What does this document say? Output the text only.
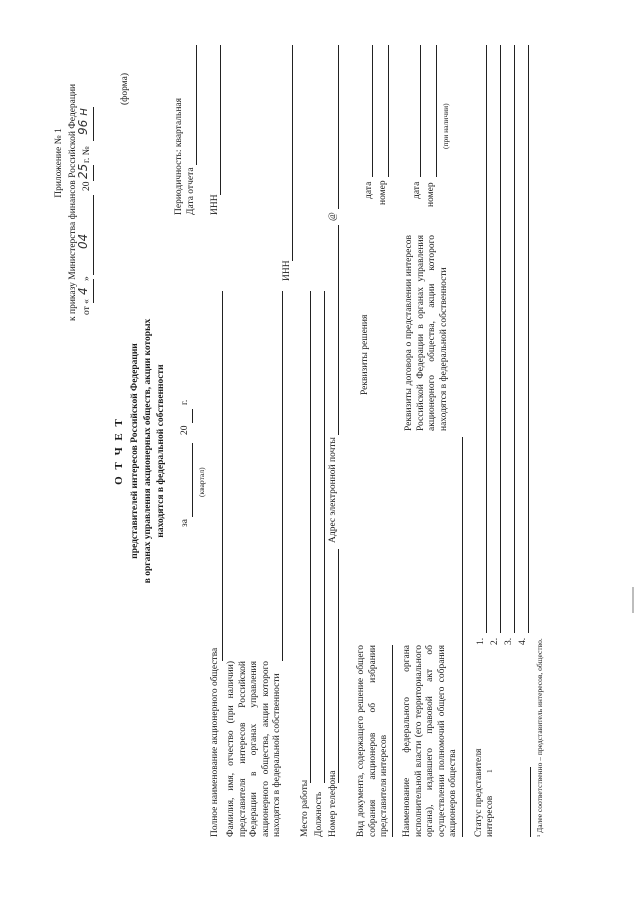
Приложение № 1 к приказу Министерства финансов Российской Федерации от «
4
»
04
20
25
г. №
96 н
(форма)
О Т Ч Е Т представителей интересов Российской Федерации в органах управления акционерных обществ, акции которых находятся в федеральной собственности за
20
г.
(квартал)
Периодичность: квартальная Дата отчета ИНН
Полное наименование акционерного общества Фамилия, имя, отчество (при наличии) представителя интересов Российской Федерации в органах управления акционерного общества, акции которого находятся в федеральной собственности
ИНН
Место работы Должность Номер телефона
Адрес электронной почты
@
Вид документа, содержащего решение общего собрания акционеров об избрании представителя интересов
Реквизиты решения
дата номер
Наименование федерального органа исполнительной власти (его территориального органа), издавшего правовой акт об осуществлении полномочий общего собрания акционеров общества
Реквизиты договора о представлении интересов Российской Федерации в органах управления акционерного общества, акции которого находятся в федеральной собственности
дата номер
(при наличии)
Статус представителя интересов
1
1. 2. 3. 4. ¹ Далее соответственно – представитель интересов, общество.
